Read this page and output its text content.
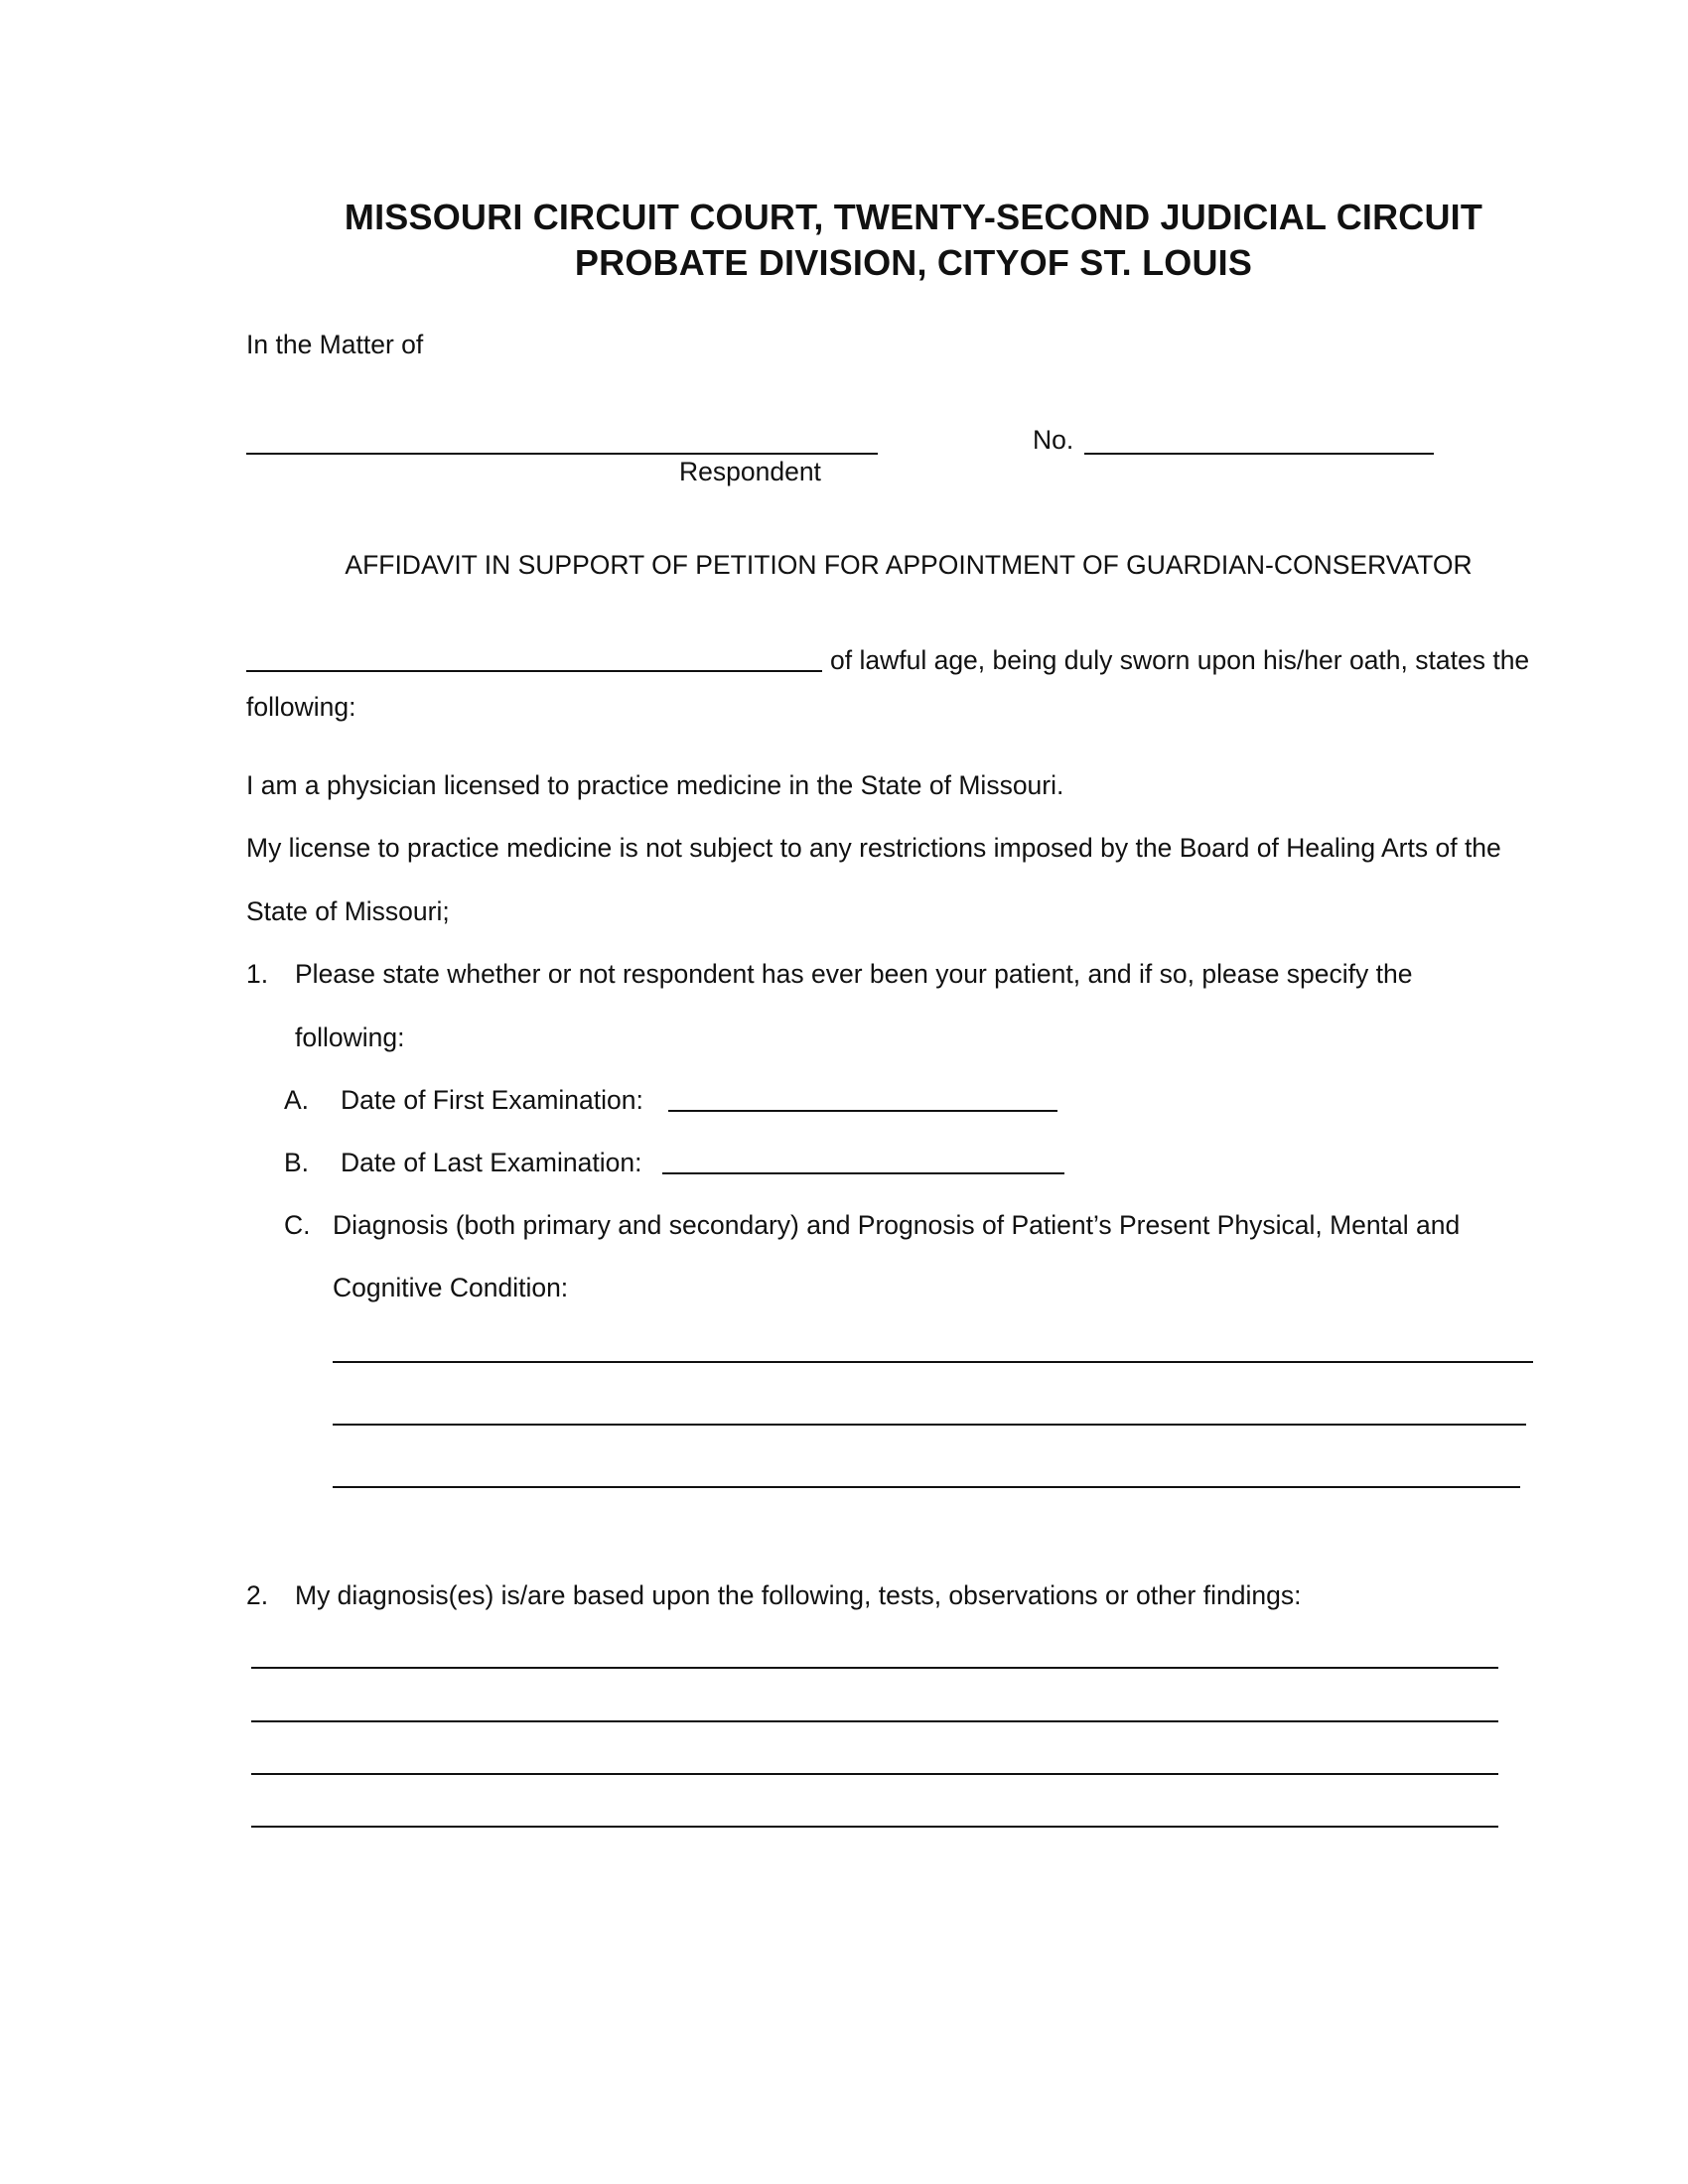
MISSOURI CIRCUIT COURT, TWENTY-SECOND JUDICIAL CIRCUIT
PROBATE DIVISION, CITYOF ST. LOUIS
In the Matter of
Respondent
No.
AFFIDAVIT IN SUPPORT OF PETITION FOR APPOINTMENT OF GUARDIAN-CONSERVATOR
of lawful age, being duly sworn upon his/her oath, states the
following:
I am a physician licensed to practice medicine in the State of Missouri.
My license to practice medicine is not subject to any restrictions imposed by the Board of Healing Arts of the
State of Missouri;
1. Please state whether or not respondent has ever been your patient, and if so, please specify the
following:
A. Date of First Examination:
B. Date of Last Examination:
C. Diagnosis (both primary and secondary) and Prognosis of Patient’s Present Physical, Mental and
Cognitive Condition:
2. My diagnosis(es) is/are based upon the following, tests, observations or other findings:
